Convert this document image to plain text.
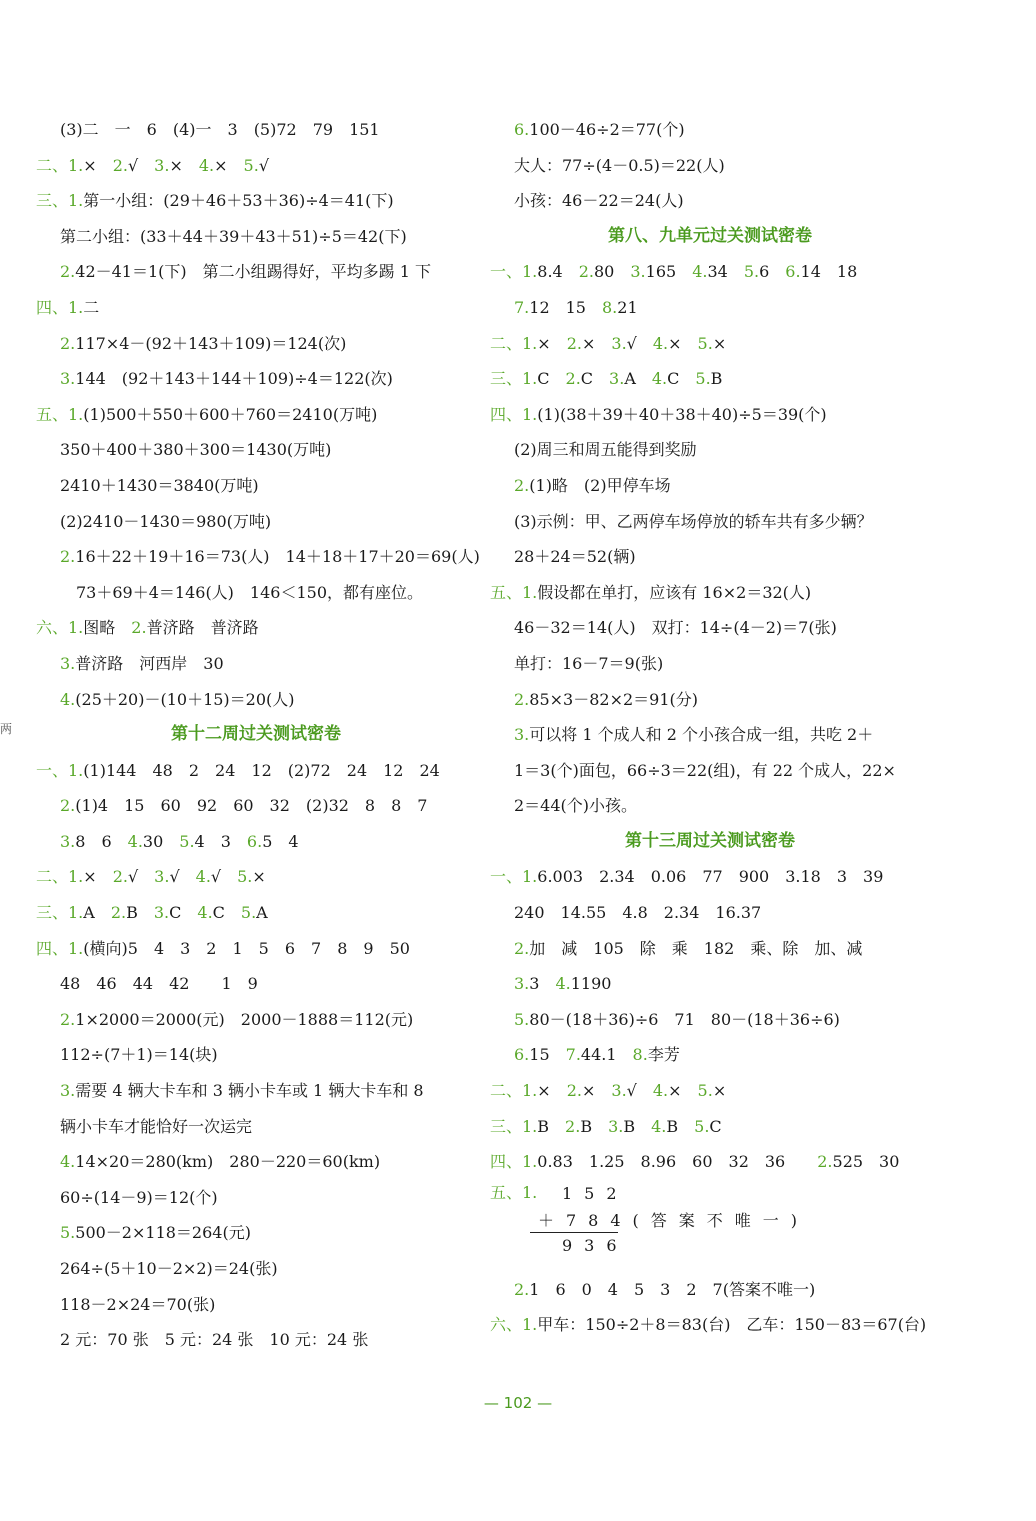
两
(3)二　一　6　(4)一　3　(5)72　79　151
二、1.×　2.√　3.×　4.×　5.√
三、1.第一小组：(29＋46＋53＋36)÷4＝41(下)
第二小组：(33＋44＋39＋43＋51)÷5＝42(下)
2.42－41＝1(下)　第二小组踢得好，平均多踢 1 下
四、1.二
2.117×4－(92＋143＋109)＝124(次)
3.144　(92＋143＋144＋109)÷4＝122(次)
五、1.(1)500＋550＋600＋760＝2410(万吨)
350＋400＋380＋300＝1430(万吨)
2410＋1430＝3840(万吨)
(2)2410－1430＝980(万吨)
2.16＋22＋19＋16＝73(人)　14＋18＋17＋20＝69(人)
73＋69＋4＝146(人)　146＜150，都有座位。
六、1.图略　2.普济路　普济路
3.普济路　河西岸　30
4.(25＋20)－(10＋15)＝20(人)
第十二周过关测试密卷
一、1.(1)144　48　2　24　12　(2)72　24　12　24
2.(1)4　15　60　92　60　32　(2)32　8　8　7
3.8　6　4.30　5.4　3　6.5　4
二、1.×　2.√　3.√　4.√　5.×
三、1.A　2.B　3.C　4.C　5.A
四、1.(横向)5　4　3　2　1　5　6　7　8　9　50
48　46　44　42　　1　9
2.1×2000＝2000(元)　2000－1888＝112(元)
112÷(7＋1)＝14(块)
3.需要 4 辆大卡车和 3 辆小卡车或 1 辆大卡车和 8
辆小卡车才能恰好一次运完
4.14×20＝280(km)　280－220＝60(km)
60÷(14－9)＝12(个)
5.500－2×118＝264(元)
264÷(5＋10－2×2)＝24(张)
118－2×24＝70(张)
2 元：70 张　5 元：24 张　10 元：24 张
6.100－46÷2＝77(个)
大人：77÷(4－0.5)＝22(人)
小孩：46－22＝24(人)
第八、九单元过关测试密卷
一、1.8.4　2.80　3.165　4.34　5.6　6.14　18
7.12　15　8.21
二、1.×　2.×　3.√　4.×　5.×
三、1.C　2.C　3.A　4.C　5.B
四、1.(1)(38＋39＋40＋38＋40)÷5＝39(个)
(2)周三和周五能得到奖励
2.(1)略　(2)甲停车场
(3)示例：甲、乙两停车场停放的轿车共有多少辆？
28＋24＝52(辆)
五、1.假设都在单打，应该有 16×2＝32(人)
46－32＝14(人)　双打：14÷(4－2)＝7(张)
单打：16－7＝9(张)
2.85×3－82×2＝91(分)
3.可以将 1 个成人和 2 个小孩合成一组，共吃 2＋
1＝3(个)面包，66÷3＝22(组)，有 22 个成人，22×
2＝44(个)小孩。
第十三周过关测试密卷
一、1.6.003　2.34　0.06　77　900　3.18　3　39
240　14.55　4.8　2.34　16.37
2.加　减　105　除　乘　182　乘、除　加、减
3.3　4.1190
5.80－(18＋36)÷6　71　80－(18＋36÷6)
6.15　7.44.1　8.李芳
二、1.×　2.×　3.√　4.×　5.×
三、1.B　2.B　3.B　4.B　5.C
四、1.0.83　1.25　8.96　60　32　36　　2.525　30
五、1. 152
＋784(答案不唯一)
936
2.1　6　0　4　5　3　2　7(答案不唯一)
六、1.甲车：150÷2＋8＝83(台)　乙车：150－83＝67(台)
— 102 —
